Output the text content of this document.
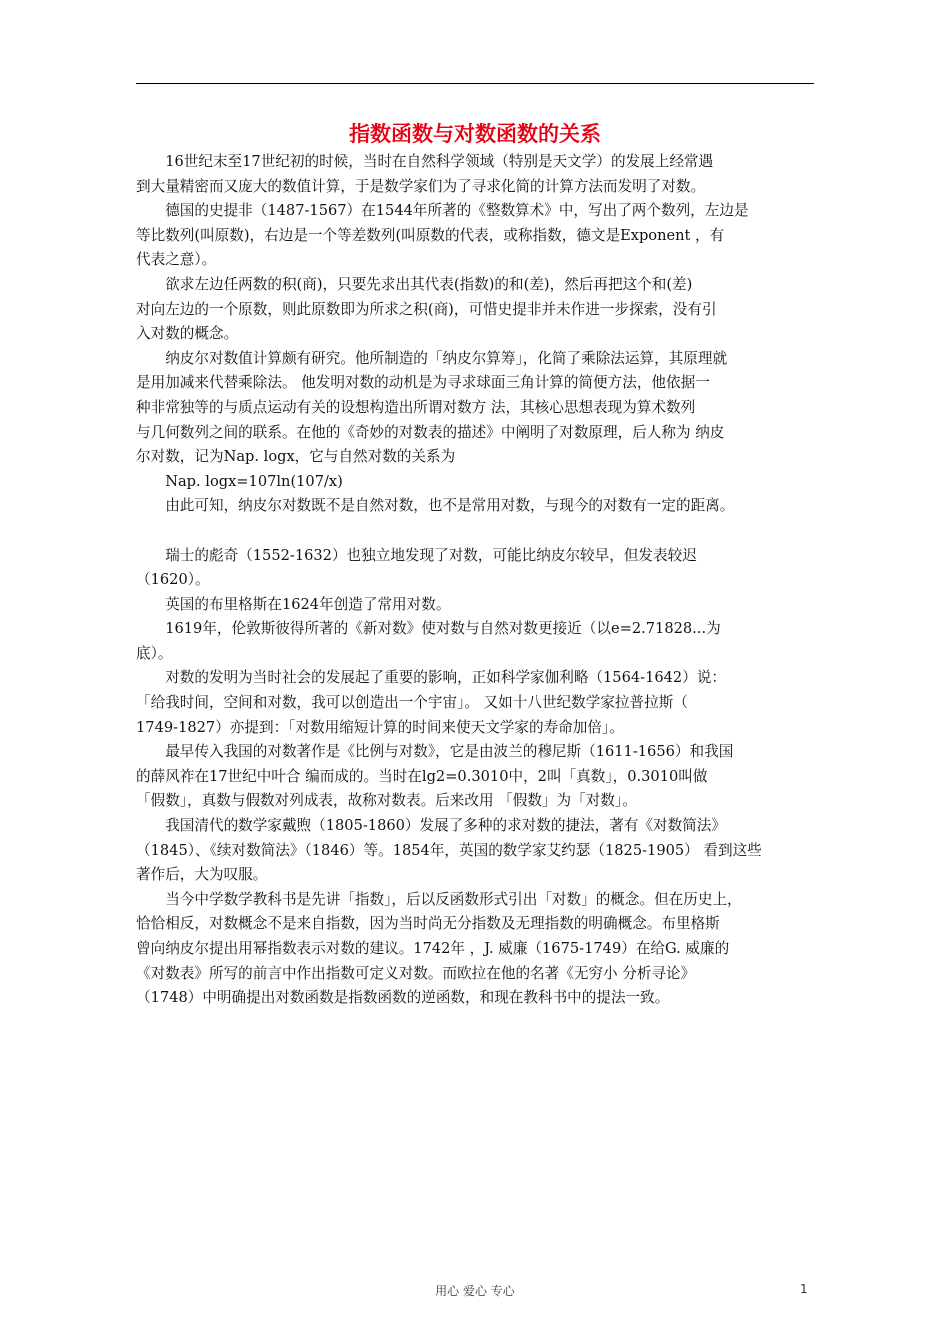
指数函数与对数函数的关系
16世纪末至17世纪初的时候，当时在自然科学领域（特别是天文学）的发展上经常遇
到大量精密而又庞大的数值计算，于是数学家们为了寻求化简的计算方法而发明了对数。
德国的史提非（1487-1567）在1544年所著的《整数算术》中，写出了两个数列，左边是
等比数列(叫原数)，右边是一个等差数列(叫原数的代表，或称指数，德文是Exponent ，有
代表之意）。
欲求左边任两数的积(商)，只要先求出其代表(指数)的和(差)，然后再把这个和(差)
对向左边的一个原数，则此原数即为所求之积(商)，可惜史提非并未作进一步探索，没有引
入对数的概念。
纳皮尔对数值计算颇有研究。他所制造的「纳皮尔算筹」，化简了乘除法运算，其原理就
是用加减来代替乘除法。 他发明对数的动机是为寻求球面三角计算的简便方法，他依据一
种非常独等的与质点运动有关的设想构造出所谓对数方 法，其核心思想表现为算术数列
与几何数列之间的联系。在他的《奇妙的对数表的描述》中阐明了对数原理，后人称为 纳皮
尔对数，记为Nap. logx，它与自然对数的关系为
Nap. logx=107ln(107/x)
由此可知，纳皮尔对数既不是自然对数，也不是常用对数，与现今的对数有一定的距离。
瑞士的彪奇（1552-1632）也独立地发现了对数，可能比纳皮尔较早，但发表较迟
（1620）。
英国的布里格斯在1624年创造了常用对数。
1619年，伦敦斯彼得所著的《新对数》使对数与自然对数更接近（以e=2.71828...为
底）。
对数的发明为当时社会的发展起了重要的影响，正如科学家伽利略（1564-1642）说：
「给我时间，空间和对数，我可以创造出一个宇宙」。 又如十八世纪数学家拉普拉斯（
1749-1827）亦提到：「对数用缩短计算的时间来使天文学家的寿命加倍」。
最早传入我国的对数著作是《比例与对数》，它是由波兰的穆尼斯（1611-1656）和我国
的薛风祚在17世纪中叶合 编而成的。当时在lg2=0.3010中，2叫「真数」，0.3010叫做
「假数」，真数与假数对列成表，故称对数表。后来改用 「假数」为「对数」。
我国清代的数学家戴煦（1805-1860）发展了多种的求对数的捷法，著有《对数简法》
（1845）、《续对数简法》（1846）等。1854年，英国的数学家艾约瑟（1825-1905） 看到这些
著作后，大为叹服。
当今中学数学教科书是先讲「指数」，后以反函数形式引出「对数」的概念。但在历史上，
恰恰相反，对数概念不是来自指数，因为当时尚无分指数及无理指数的明确概念。布里格斯
曾向纳皮尔提出用幂指数表示对数的建议。1742年 ，J. 威廉（1675-1749）在给G. 威廉的
《对数表》所写的前言中作出指数可定义对数。而欧拉在他的名著《无穷小 分析寻论》
（1748）中明确提出对数函数是指数函数的逆函数，和现在教科书中的提法一致。
用心 爱心 专心	1
